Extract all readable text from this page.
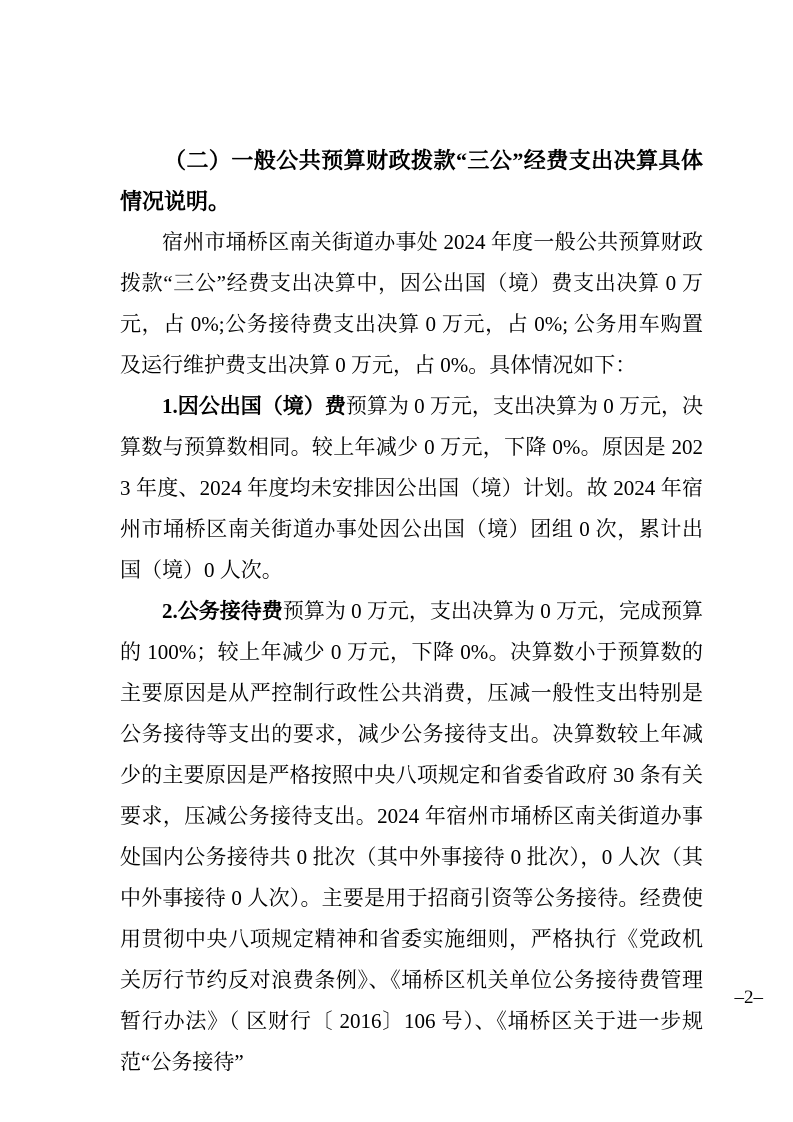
（二）一般公共预算财政拨款“三公”经费支出决算具体情况说明。

宿州市埇桥区南关街道办事处 2024 年度一般公共预算财政拨款“三公”经费支出决算中，因公出国（境）费支出决算 0 万元，占 0%;公务接待费支出决算 0 万元，占 0%; 公务用车购置及运行维护费支出决算 0 万元，占 0%。具体情况如下：

1.因公出国（境）费预算为 0 万元，支出决算为 0 万元，决算数与预算数相同。较上年减少 0 万元，下降 0%。原因是 2023 年度、2024 年度均未安排因公出国（境）计划。故 2024 年宿州市埇桥区南关街道办事处因公出国（境）团组 0 次，累计出国（境）0 人次。

2.公务接待费预算为 0 万元，支出决算为 0 万元，完成预算的 100%；较上年减少 0 万元，下降 0%。决算数小于预算数的主要原因是从严控制行政性公共消费，压减一般性支出特别是公务接待等支出的要求，减少公务接待支出。决算数较上年减少的主要原因是严格按照中央八项规定和省委省政府 30 条有关要求，压减公务接待支出。2024 年宿州市埇桥区南关街道办事处国内公务接待共 0 批次（其中外事接待 0 批次），0 人次（其中外事接待 0 人次）。主要是用于招商引资等公务接待。经费使用贯彻中央八项规定精神和省委实施细则，严格执行《党政机关厉行节约反对浪费条例》、《埇桥区机关单位公务接待费管理暂行办法》（ 区财行〔 2016〕106 号）、《埇桥区关于进一步规范“公务接待”

–2–
